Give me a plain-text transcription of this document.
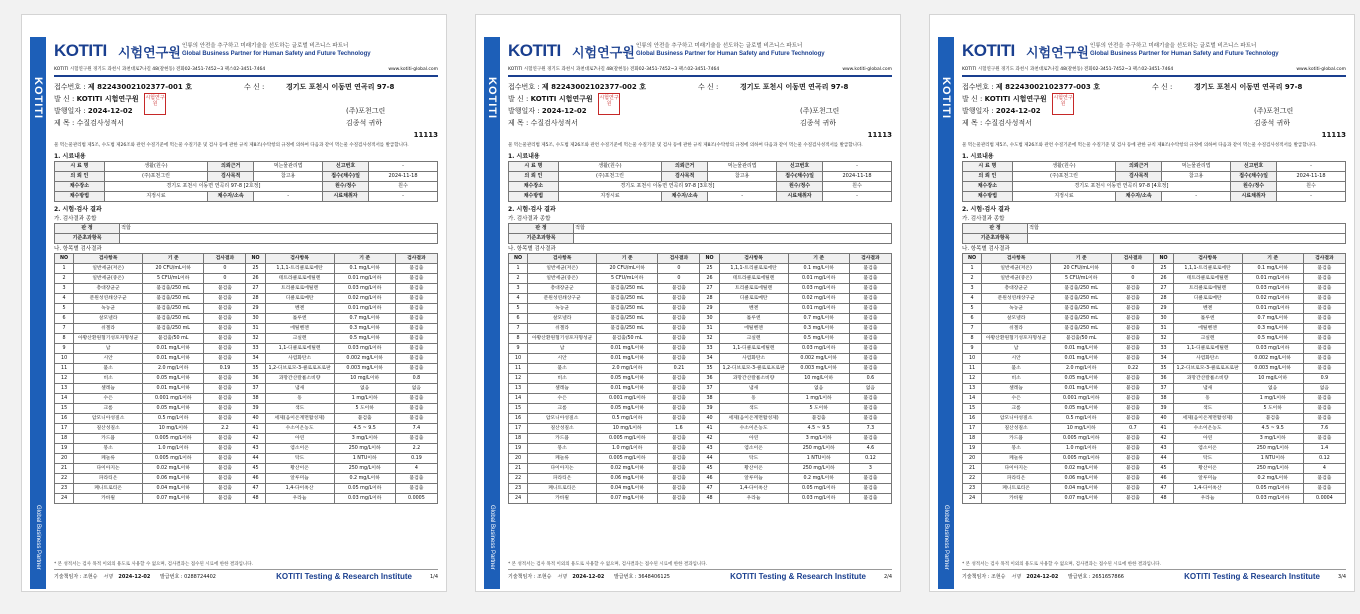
KOTITI
Global Business Partner
KOTITI 시험연구원 인류의 안전을 추구하고 미래기술을 선도하는 글로벌 비즈니스 파트너
Global Business Partner for Human Safety and Future Technology
KOTITI 시험연구원 경기도 과천시 과천대로7나길 48(갈현동) 전화02-3451-7452~3 팩스02-3451-7464	www.kotiti-global.com
접수번호 : 제 82243002102377-001 호	수 신 :	경기도 포천시 이동면 연곡리 97-8
발 신 : KOTITI 시험연구원
발행일자 : 2024-12-02	(주)포천그린
제 목 : 수질검사성적서	김종석 귀하
11113
시험연구원
물 먹는물관리법 제5조, 수도법 제26조와 관련 수질기준에 먹는물 수질기준 및 검사 등에 관한 규칙 제8조(수탁항의 규정에 의하여 다음과 같이 먹는물 수질검사성적서를 발급합니다.
1. 시료내용
시 료 명	생활(원수)	의뢰근거	먹는물관리법	신고번호	-
의 뢰 인	(주)포천그린	검사목적	참고용	접수(채수)일	2024-11-18
채수장소	경기도 포천시 이동면 연곡리 97-8 [2호정]			원수/정수	원수
채수방법	지정시료	채수자/소속	-	시료채취자	-
2. 시험·검사 결과
가. 검사결과 종합
판 정	적합
기준초과항목	
나. 항목별 검사결과
NO	검사항목	기 준	검사결과	NO	검사항목	기 준	검사결과
1	일반세균(저온)	20 CFU/mL이하	0	25	1,1,1-트리클로로에탄	0.1 mg/L이하	불검출
2	일반세균(중온)	5 CFU/mL이하	0	26	테트라클로로에틸렌	0.01 mg/L이하	불검출
3	총대장균군	불검출/250 mL	불검출	27	트리클로로에틸렌	0.03 mg/L이하	불검출
4	분원성연쇄상구균	불검출/250 mL	불검출	28	디클로로메탄	0.02 mg/L이하	불검출
5	녹농균	불검출/250 mL	불검출	29	벤젠	0.01 mg/L이하	불검출
6	살모넬라	불검출/250 mL	불검출	30	톨루엔	0.7 mg/L이하	불검출
7	쉬겔라	불검출/250 mL	불검출	31	에틸벤젠	0.3 mg/L이하	불검출
8	아황산환원혐기성포자형성균	불검출/50 mL	불검출	32	크실렌	0.5 mg/L이하	불검출
9	납	0.01 mg/L이하	불검출	33	1,1-디클로로에틸렌	0.03 mg/L이하	불검출
10	시안	0.01 mg/L이하	불검출	34	사염화탄소	0.002 mg/L이하	불검출
11	불소	2.0 mg/L이하	0.19	35	1,2-디브로모-3-클로로프로판	0.003 mg/L이하	불검출
12	비소	0.05 mg/L이하	불검출	36	과망간산칼륨소비량	10 mg/L이하	0.8
13	셀레늄	0.01 mg/L이하	불검출	37	냄새	없음	없음
14	수은	0.001 mg/L이하	불검출	38	동	1 mg/L이하	불검출
15	크롬	0.05 mg/L이하	불검출	39	색도	5 도이하	불검출
16	암모니아성질소	0.5 mg/L이하	불검출	40	세제(음이온계면활성제)	불검출	불검출
17	질산성질소	10 mg/L이하	2.2	41	수소이온농도	4.5 ~ 9.5	7.4
18	카드뮴	0.005 mg/L이하	불검출	42	아연	3 mg/L이하	불검출
19	붕소	1.0 mg/L이하	불검출	43	염소이온	250 mg/L이하	2.2
20	페놀류	0.005 mg/L이하	불검출	44	탁도	1 NTU이하	0.19
21	다이아지논	0.02 mg/L이하	불검출	45	황산이온	250 mg/L이하	4
22	파라티온	0.06 mg/L이하	불검출	46	알루미늄	0.2 mg/L이하	불검출
23	페니트로티온	0.04 mg/L이하	불검출	47	1,4-다이옥산	0.05 mg/L이하	불검출
24	카바릴	0.07 mg/L이하	불검출	48	우라늄	0.03 mg/L이하	0.0005
* 본 성적서는 검사 목적 이외의 용도로 사용할 수 없으며, 검사결과는 접수된 시료에 한한 결과입니다.
기술책임자 : 조현승 서명 2024-12-02 발급번호 : 0288724402	KOTITI Testing & Research Institute	1/4
KOTITI
Global Business Partner
KOTITI 시험연구원 인류의 안전을 추구하고 미래기술을 선도하는 글로벌 비즈니스 파트너
Global Business Partner for Human Safety and Future Technology
KOTITI 시험연구원 경기도 과천시 과천대로7나길 48(갈현동) 전화02-3451-7452~3 팩스02-3451-7464	www.kotiti-global.com
접수번호 : 제 82243002102377-002 호	수 신 :	경기도 포천시 이동면 연곡리 97-8
발 신 : KOTITI 시험연구원
발행일자 : 2024-12-02	(주)포천그린
제 목 : 수질검사성적서	김종석 귀하
11113
시험연구원
물 먹는물관리법 제5조, 수도법 제26조와 관련 수질기준에 먹는물 수질기준 및 검사 등에 관한 규칙 제8조(수탁항의 규정에 의하여 다음과 같이 먹는물 수질검사성적서를 발급합니다.
1. 시료내용
시 료 명	생활(원수)	의뢰근거	먹는물관리법	신고번호	-
의 뢰 인	(주)포천그린	검사목적	참고용	접수(채수)일	2024-11-18
채수장소	경기도 포천시 이동면 연곡리 97-8 [3호정]			원수/정수	원수
채수방법	지정시료	채수자/소속	-	시료채취자	-
2. 시험·검사 결과
가. 검사결과 종합
판 정	적합
기준초과항목	
나. 항목별 검사결과
NO	검사항목	기 준	검사결과	NO	검사항목	기 준	검사결과
1	일반세균(저온)	20 CFU/mL이하	0	25	1,1,1-트리클로로에탄	0.1 mg/L이하	불검출
2	일반세균(중온)	5 CFU/mL이하	0	26	테트라클로로에틸렌	0.01 mg/L이하	불검출
3	총대장균군	불검출/250 mL	불검출	27	트리클로로에틸렌	0.03 mg/L이하	불검출
4	분원성연쇄상구균	불검출/250 mL	불검출	28	디클로로메탄	0.02 mg/L이하	불검출
5	녹농균	불검출/250 mL	불검출	29	벤젠	0.01 mg/L이하	불검출
6	살모넬라	불검출/250 mL	불검출	30	톨루엔	0.7 mg/L이하	불검출
7	쉬겔라	불검출/250 mL	불검출	31	에틸벤젠	0.3 mg/L이하	불검출
8	아황산환원혐기성포자형성균	불검출/50 mL	불검출	32	크실렌	0.5 mg/L이하	불검출
9	납	0.01 mg/L이하	불검출	33	1,1-디클로로에틸렌	0.03 mg/L이하	불검출
10	시안	0.01 mg/L이하	불검출	34	사염화탄소	0.002 mg/L이하	불검출
11	불소	2.0 mg/L이하	0.21	35	1,2-디브로모-3-클로로프로판	0.003 mg/L이하	불검출
12	비소	0.05 mg/L이하	불검출	36	과망간산칼륨소비량	10 mg/L이하	0.6
13	셀레늄	0.01 mg/L이하	불검출	37	냄새	없음	없음
14	수은	0.001 mg/L이하	불검출	38	동	1 mg/L이하	불검출
15	크롬	0.05 mg/L이하	불검출	39	색도	5 도이하	불검출
16	암모니아성질소	0.5 mg/L이하	불검출	40	세제(음이온계면활성제)	불검출	불검출
17	질산성질소	10 mg/L이하	1.6	41	수소이온농도	4.5 ~ 9.5	7.3
18	카드뮴	0.005 mg/L이하	불검출	42	아연	3 mg/L이하	불검출
19	붕소	1.0 mg/L이하	불검출	43	염소이온	250 mg/L이하	4.6
20	페놀류	0.005 mg/L이하	불검출	44	탁도	1 NTU이하	0.12
21	다이아지논	0.02 mg/L이하	불검출	45	황산이온	250 mg/L이하	3
22	파라티온	0.06 mg/L이하	불검출	46	알루미늄	0.2 mg/L이하	불검출
23	페니트로티온	0.04 mg/L이하	불검출	47	1,4-다이옥산	0.05 mg/L이하	불검출
24	카바릴	0.07 mg/L이하	불검출	48	우라늄	0.03 mg/L이하	불검출
* 본 성적서는 검사 목적 이외의 용도로 사용할 수 없으며, 검사결과는 접수된 시료에 한한 결과입니다.
기술책임자 : 조현승 서명 2024-12-02 발급번호 : 3648406125	KOTITI Testing & Research Institute	2/4
KOTITI
Global Business Partner
KOTITI 시험연구원 인류의 안전을 추구하고 미래기술을 선도하는 글로벌 비즈니스 파트너
Global Business Partner for Human Safety and Future Technology
KOTITI 시험연구원 경기도 과천시 과천대로7나길 48(갈현동) 전화02-3451-7452~3 팩스02-3451-7464	www.kotiti-global.com
접수번호 : 제 82243002102377-003 호	수 신 :	경기도 포천시 이동면 연곡리 97-8
발 신 : KOTITI 시험연구원
발행일자 : 2024-12-02	(주)포천그린
제 목 : 수질검사성적서	김종석 귀하
11113
시험연구원
물 먹는물관리법 제5조, 수도법 제26조와 관련 수질기준에 먹는물 수질기준 및 검사 등에 관한 규칙 제8조(수탁항의 규정에 의하여 다음과 같이 먹는물 수질검사성적서를 발급합니다.
1. 시료내용
시 료 명	생활(원수)	의뢰근거	먹는물관리법	신고번호	-
의 뢰 인	(주)포천그린	검사목적	참고용	접수(채수)일	2024-11-18
채수장소	경기도 포천시 이동면 연곡리 97-8 [4호정]			원수/정수	원수
채수방법	지정시료	채수자/소속	-	시료채취자	-
2. 시험·검사 결과
가. 검사결과 종합
판 정	적합
기준초과항목	
나. 항목별 검사결과
NO	검사항목	기 준	검사결과	NO	검사항목	기 준	검사결과
1	일반세균(저온)	20 CFU/mL이하	0	25	1,1,1-트리클로로에탄	0.1 mg/L이하	불검출
2	일반세균(중온)	5 CFU/mL이하	0	26	테트라클로로에틸렌	0.01 mg/L이하	불검출
3	총대장균군	불검출/250 mL	불검출	27	트리클로로에틸렌	0.03 mg/L이하	불검출
4	분원성연쇄상구균	불검출/250 mL	불검출	28	디클로로메탄	0.02 mg/L이하	불검출
5	녹농균	불검출/250 mL	불검출	29	벤젠	0.01 mg/L이하	불검출
6	살모넬라	불검출/250 mL	불검출	30	톨루엔	0.7 mg/L이하	불검출
7	쉬겔라	불검출/250 mL	불검출	31	에틸벤젠	0.3 mg/L이하	불검출
8	아황산환원혐기성포자형성균	불검출/50 mL	불검출	32	크실렌	0.5 mg/L이하	불검출
9	납	0.01 mg/L이하	불검출	33	1,1-디클로로에틸렌	0.03 mg/L이하	불검출
10	시안	0.01 mg/L이하	불검출	34	사염화탄소	0.002 mg/L이하	불검출
11	불소	2.0 mg/L이하	0.22	35	1,2-디브로모-3-클로로프로판	0.003 mg/L이하	불검출
12	비소	0.05 mg/L이하	불검출	36	과망간산칼륨소비량	10 mg/L이하	0.9
13	셀레늄	0.01 mg/L이하	불검출	37	냄새	없음	없음
14	수은	0.001 mg/L이하	불검출	38	동	1 mg/L이하	불검출
15	크롬	0.05 mg/L이하	불검출	39	색도	5 도이하	불검출
16	암모니아성질소	0.5 mg/L이하	불검출	40	세제(음이온계면활성제)	불검출	불검출
17	질산성질소	10 mg/L이하	0.7	41	수소이온농도	4.5 ~ 9.5	7.6
18	카드뮴	0.005 mg/L이하	불검출	42	아연	3 mg/L이하	불검출
19	붕소	1.0 mg/L이하	불검출	43	염소이온	250 mg/L이하	1.4
20	페놀류	0.005 mg/L이하	불검출	44	탁도	1 NTU이하	0.12
21	다이아지논	0.02 mg/L이하	불검출	45	황산이온	250 mg/L이하	4
22	파라티온	0.06 mg/L이하	불검출	46	알루미늄	0.2 mg/L이하	불검출
23	페니트로티온	0.04 mg/L이하	불검출	47	1,4-다이옥산	0.05 mg/L이하	불검출
24	카바릴	0.07 mg/L이하	불검출	48	우라늄	0.03 mg/L이하	0.0004
* 본 성적서는 검사 목적 이외의 용도로 사용할 수 없으며, 검사결과는 접수된 시료에 한한 결과입니다.
기술책임자 : 조현승 서명 2024-12-02 발급번호 : 2651657866	KOTITI Testing & Research Institute	3/4
